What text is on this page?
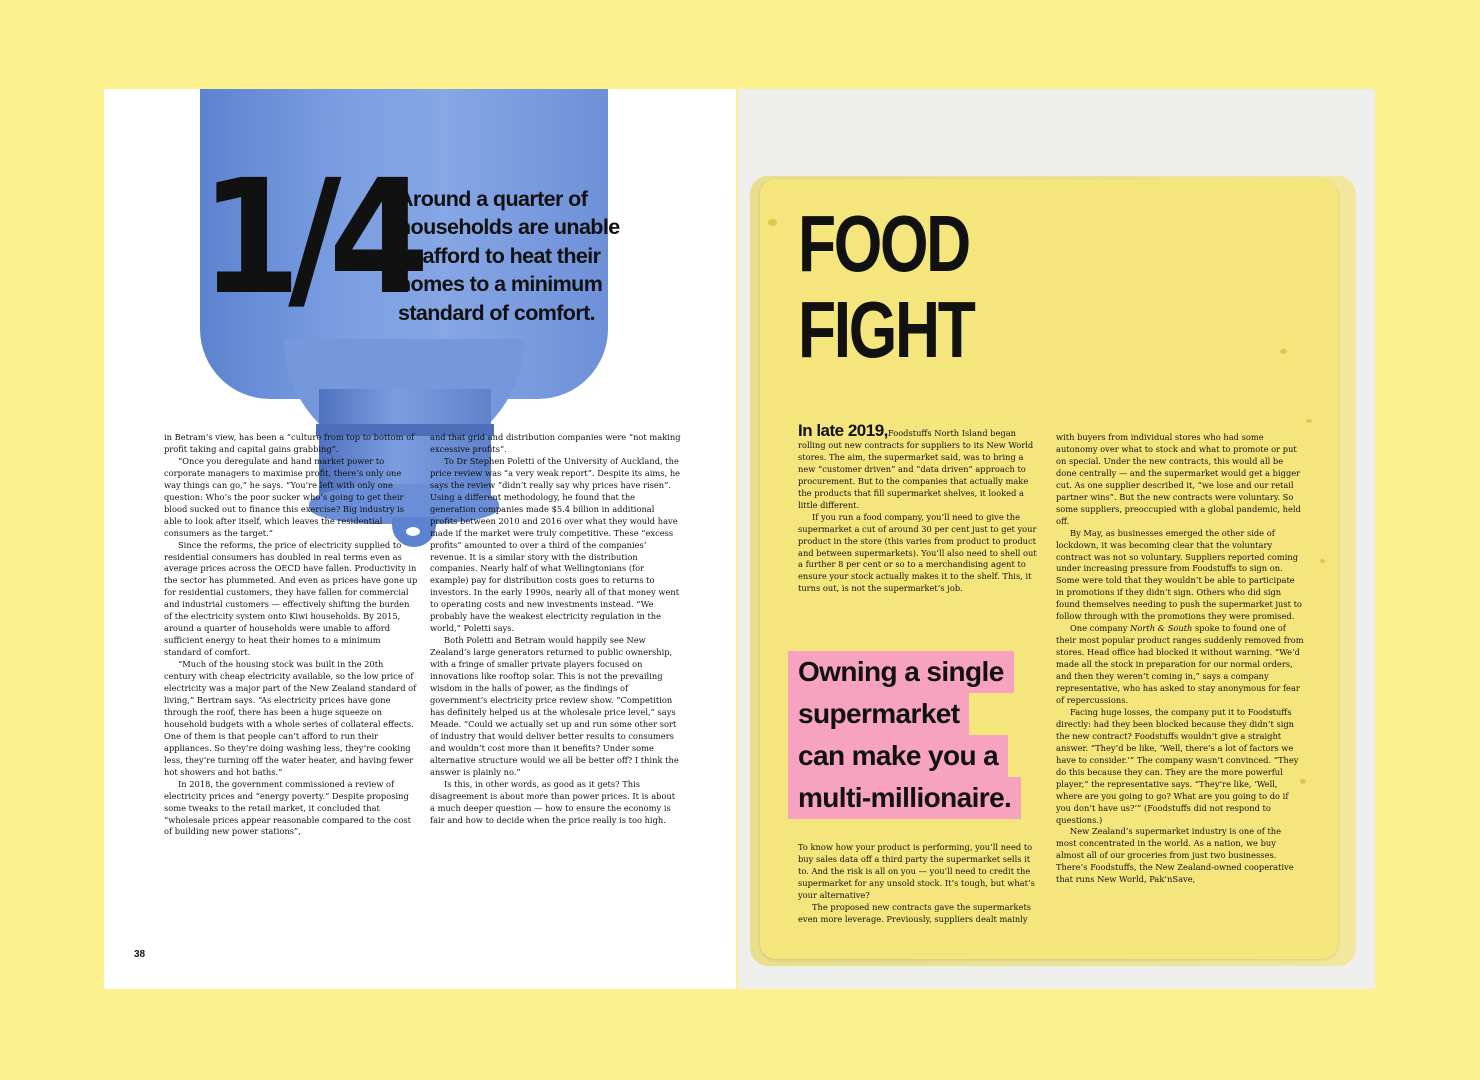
1/4
Around a quarter of households are unable to afford to heat their homes to a minimum standard of comfort.

in Betram’s view, has been a “culture from top to bottom of profit taking and capital gains grabbing”.

“Once you deregulate and hand market power to corporate managers to maximise profit, there’s only one way things can go,” he says. “You’re left with only one question: Who’s the poor sucker who’s going to get their blood sucked out to finance this exercise? Big industry is able to look after itself, which leaves the residential consumers as the target.”

Since the reforms, the price of electricity supplied to residential consumers has doubled in real terms even as average prices across the OECD have fallen. Productivity in the sector has plummeted. And even as prices have gone up for residential customers, they have fallen for commercial and industrial customers — effectively shifting the burden of the electricity system onto Kiwi households. By 2015, around a quarter of households were unable to afford sufficient energy to heat their homes to a minimum standard of comfort.

“Much of the housing stock was built in the 20th century with cheap electricity available, so the low price of electricity was a major part of the New Zealand standard of living,” Bertram says. “As electricity prices have gone through the roof, there has been a huge squeeze on household budgets with a whole series of collateral effects. One of them is that people can’t afford to run their appliances. So they’re doing washing less, they’re cooking less, they’re turning off the water heater, and having fewer hot showers and hot baths.”

In 2018, the government commissioned a review of electricity prices and “energy poverty.” Despite proposing some tweaks to the retail market, it concluded that “wholesale prices appear reasonable compared to the cost of building new power stations”,

and that grid and distribution companies were “not making excessive profits”.

To Dr Stephen Poletti of the University of Auckland, the price review was “a very weak report”. Despite its aims, he says the review “didn’t really say why prices have risen”. Using a different methodology, he found that the generation companies made $5.4 billion in additional profits between 2010 and 2016 over what they would have made if the market were truly competitive. These “excess profits” amounted to over a third of the companies’ revenue. It is a similar story with the distribution companies. Nearly half of what Wellingtonians (for example) pay for distribution costs goes to returns to investors. In the early 1990s, nearly all of that money went to operating costs and new investments instead. “We probably have the weakest electricity regulation in the world,” Poletti says.

Both Poletti and Betram would happily see New Zealand’s large generators returned to public ownership, with a fringe of smaller private players focused on innovations like rooftop solar. This is not the prevailing wisdom in the halls of power, as the findings of government’s electricity price review show. “Competition has definitely helped us at the wholesale price level,” says Meade. “Could we actually set up and run some other sort of industry that would deliver better results to consumers and wouldn’t cost more than it benefits? Under some alternative structure would we all be better off? I think the answer is plainly no.”

Is this, in other words, as good as it gets? This disagreement is about more than power prices. It is about a much deeper question — how to ensure the economy is fair and how to decide when the price really is too high.

38
FOOD
FIGHT

In late 2019,Foodstuffs North Island began rolling out new contracts for suppliers to its New World stores. The aim, the supermarket said, was to bring a new “customer driven” and “data driven” approach to procurement. But to the companies that actually make the products that fill supermarket shelves, it looked a little different.

If you run a food company, you’ll need to give the supermarket a cut of around 30 per cent just to get your product in the store (this varies from product to product and between supermarkets). You’ll also need to shell out a further 8 per cent or so to a merchandising agent to ensure your stock actually makes it to the shelf. This, it turns out, is not the supermarket’s job.

Owning a single
supermarket
can make you a
multi-millionaire.

To know how your product is performing, you’ll need to buy sales data off a third party the supermarket sells it to. And the risk is all on you — you’ll need to credit the supermarket for any unsold stock. It’s tough, but what’s your alternative?

The proposed new contracts gave the supermarkets even more leverage. Previously, suppliers dealt mainly

with buyers from individual stores who had some autonomy over what to stock and what to promote or put on special. Under the new contracts, this would all be done centrally — and the supermarket would get a bigger cut. As one supplier described it, “we lose and our retail partner wins”. But the new contracts were voluntary. So some suppliers, preoccupied with a global pandemic, held off.

By May, as businesses emerged the other side of lockdown, it was becoming clear that the voluntary contract was not so voluntary. Suppliers reported coming under increasing pressure from Foodstuffs to sign on. Some were told that they wouldn’t be able to participate in promotions if they didn’t sign. Others who did sign found themselves needing to push the supermarket just to follow through with the promotions they were promised.

One company North & South spoke to found one of their most popular product ranges suddenly removed from stores. Head office had blocked it without warning. “We’d made all the stock in preparation for our normal orders, and then they weren’t coming in,” says a company representative, who has asked to stay anonymous for fear of repercussions.

Facing huge losses, the company put it to Foodstuffs directly: had they been blocked because they didn’t sign the new contract? Foodstuffs wouldn’t give a straight answer. “They’d be like, ‘Well, there’s a lot of factors we have to consider.’” The company wasn’t convinced. “They do this because they can. They are the more powerful player,” the representative says. “They’re like, ‘Well, where are you going to go? What are you going to do if you don’t have us?’” (Foodstuffs did not respond to questions.)

New Zealand’s supermarket industry is one of the most concentrated in the world. As a nation, we buy almost all of our groceries from just two businesses. There’s Foodstuffs, the New Zealand-owned cooperative that runs New World, Pak’nSave,
